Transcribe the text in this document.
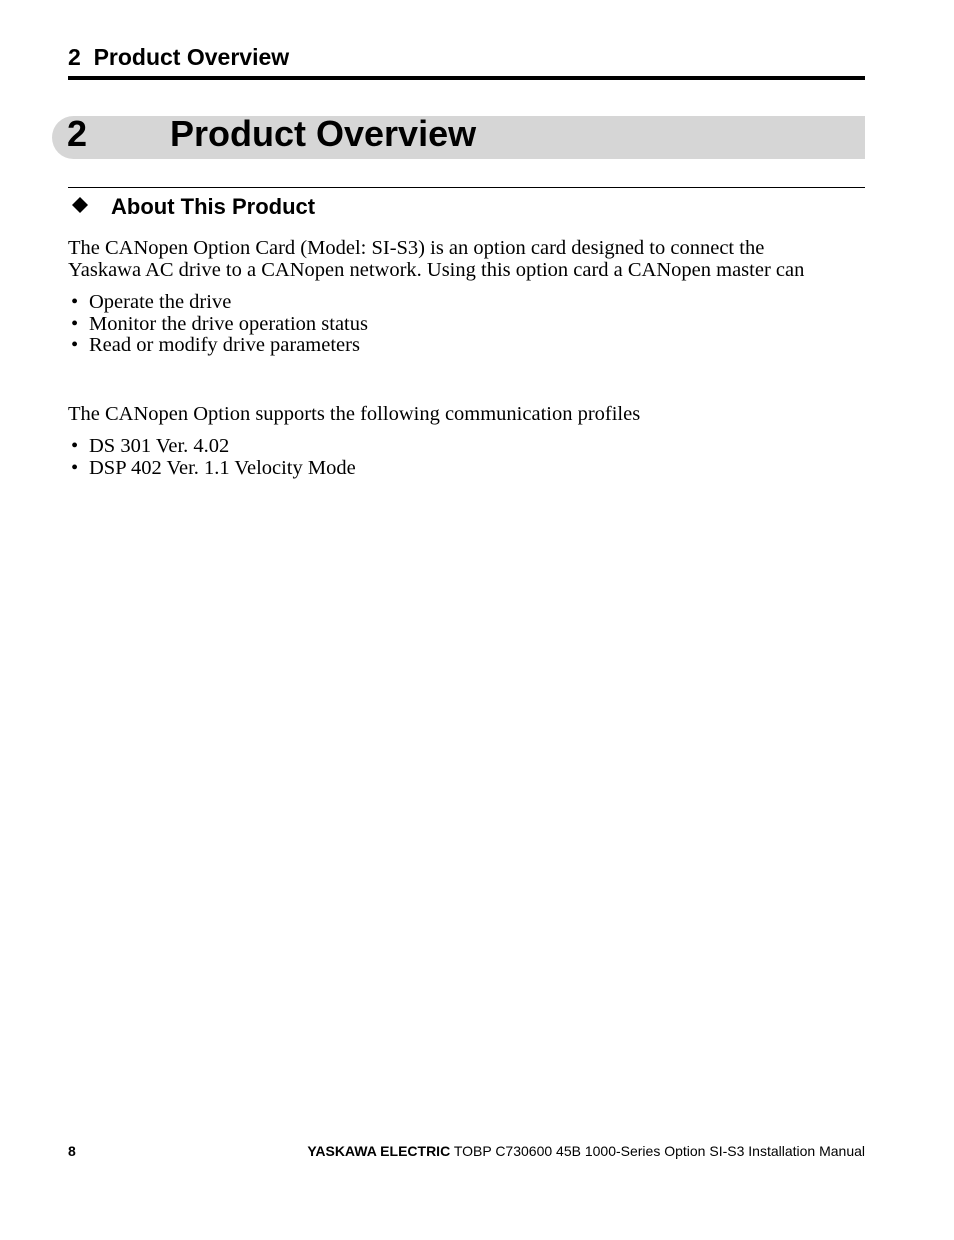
2  Product Overview
2 Product Overview
About This Product

The CANopen Option Card (Model: SI-S3) is an option card designed to connect the
Yaskawa AC drive to a CANopen network. Using this option card a CANopen master can

• Operate the drive
• Monitor the drive operation status
• Read or modify drive parameters

The CANopen Option supports the following communication profiles

• DS 301 Ver. 4.02
• DSP 402 Ver. 1.1 Velocity Mode
8	YASKAWA ELECTRIC TOBP C730600 45B 1000-Series Option SI-S3 Installation Manual
